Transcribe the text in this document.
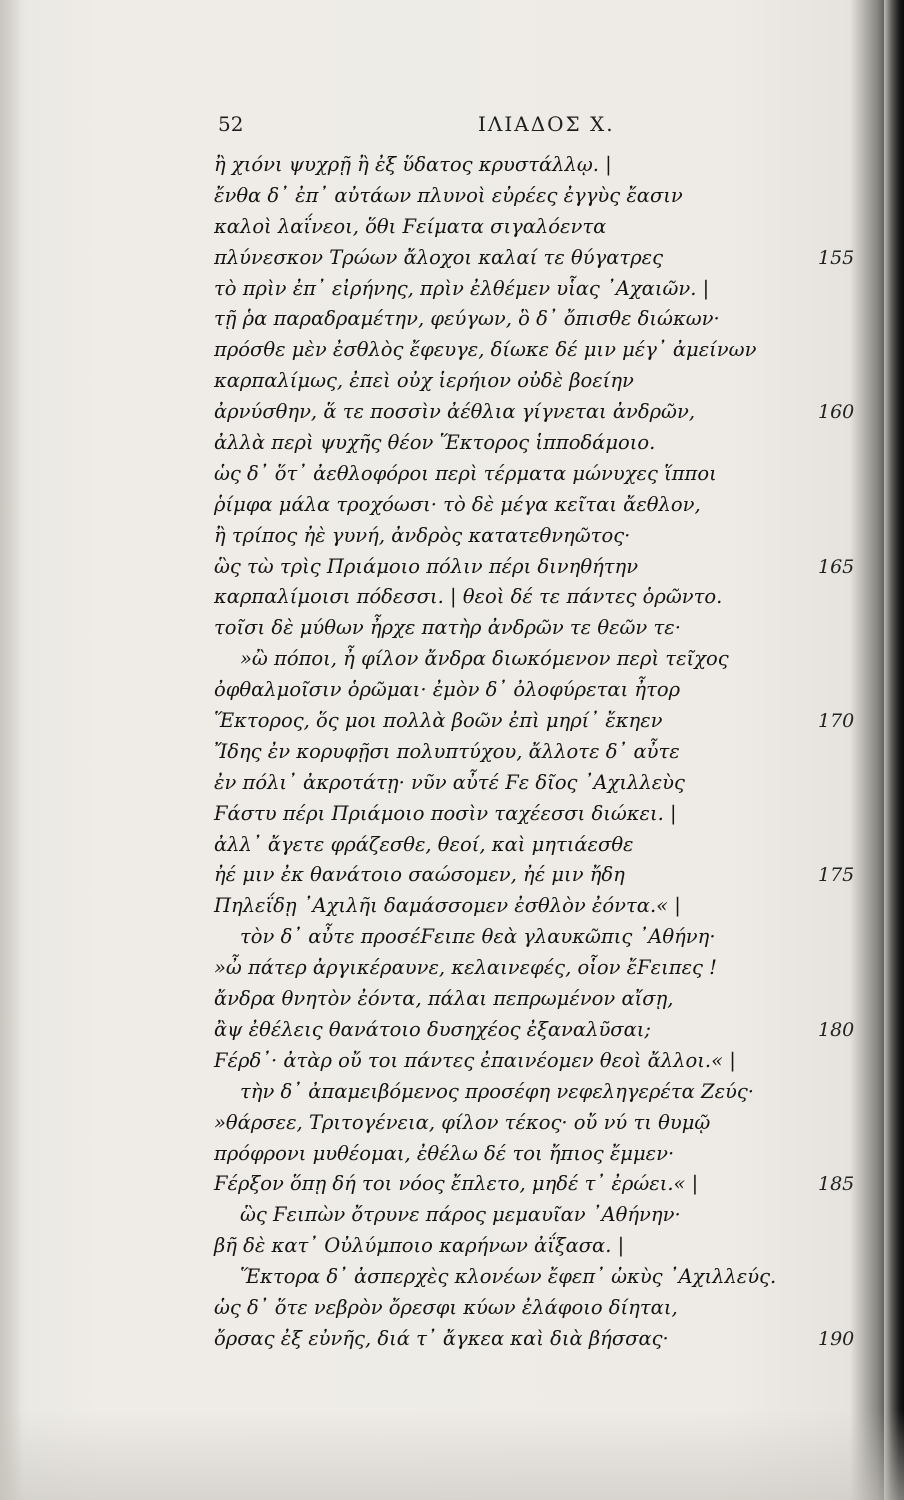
52	ΙΛΙΑΔΟΣ Χ.
ἢ χιόνι ψυχρῇ ἢ ἐξ ὕδατος κρυστάλλῳ. |
ἔνθα δ᾽ ἐπ᾽ αὐτάων πλυνοὶ εὐρέες ἐγγὺς ἔασιν
καλοὶ λαΐνεοι, ὅθι Ϝείματα σιγαλόεντα
πλύνεσκον Τρώων ἄλοχοι καλαί τε θύγατρες	155
τὸ πρὶν ἐπ᾽ εἰρήνης, πρὶν ἐλθέμεν υἷας ᾿Αχαιῶν. |
τῇ ῥα παραδραμέτην, φεύγων, ὃ δ᾽ ὄπισθε διώκων·
πρόσθε μὲν ἐσθλὸς ἔφευγε, δίωκε δέ μιν μέγ᾽ ἀμείνων
καρπαλίμως, ἐπεὶ οὐχ ἱερήιον οὐδὲ βοείην
ἀρνύσθην, ἅ τε ποσσὶν ἀέθλια γίγνεται ἀνδρῶν,	160
ἀλλὰ περὶ ψυχῆς θέον Ἕκτορος ἱπποδάμοιο.
ὡς δ᾽ ὅτ᾽ ἀεθλοφόροι περὶ τέρματα μώνυχες ἵπποι
ῥίμφα μάλα τροχόωσι· τὸ δὲ μέγα κεῖται ἄεθλον,
ἢ τρίπος ἠὲ γυνή, ἀνδρὸς κατατεθνηῶτος·
ὣς τὼ τρὶς Πριάμοιο πόλιν πέρι δινηθήτην	165
καρπαλίμοισι πόδεσσι. | θεοὶ δέ τε πάντες ὁρῶντο.
τοῖσι δὲ μύθων ἦρχε πατὴρ ἀνδρῶν τε θεῶν τε·
»ὢ πόποι, ἦ φίλον ἄνδρα διωκόμενον περὶ τεῖχος
ὀφθαλμοῖσιν ὁρῶμαι· ἐμὸν δ᾽ ὀλοφύρεται ἦτορ
Ἕκτορος, ὅς μοι πολλὰ βοῶν ἐπὶ μηρί᾽ ἔκηεν	170
Ἴδης ἐν κορυφῇσι πολυπτύχου, ἄλλοτε δ᾽ αὖτε
ἐν πόλι᾽ ἀκροτάτῃ· νῦν αὖτέ Ϝε δῖος ᾿Αχιλλεὺς
Ϝάστυ πέρι Πριάμοιο ποσὶν ταχέεσσι διώκει. |
ἀλλ᾽ ἄγετε φράζεσθε, θεοί, καὶ μητιάεσθε
ἠέ μιν ἐκ θανάτοιο σαώσομεν, ἠέ μιν ἤδη	175
Πηλεΐδῃ ᾿Αχιλῆι δαμάσσομεν ἐσθλὸν ἐόντα.« |
τὸν δ᾽ αὖτε προσέϜειπε θεὰ γλαυκῶπις ᾿Αθήνη·
»ὦ πάτερ ἀργικέραυνε, κελαινεφές, οἷον ἔϜειπες !
ἄνδρα θνητὸν ἐόντα, πάλαι πεπρωμένον αἴσῃ,
ἂψ ἐθέλεις θανάτοιο δυσηχέος ἐξαναλῦσαι;	180
Ϝέρδ᾽· ἀτὰρ οὔ τοι πάντες ἐπαινέομεν θεοὶ ἄλλοι.« |
τὴν δ᾽ ἀπαμειβόμενος προσέφη νεφεληγερέτα Ζεύς·
»θάρσεε, Τριτογένεια, φίλον τέκος· οὔ νύ τι θυμῷ
πρόφρονι μυθέομαι, ἐθέλω δέ τοι ἤπιος ἔμμεν·
Ϝέρξον ὅπῃ δή τοι νόος ἔπλετο, μηδέ τ᾽ ἐρώει.« |	185
ὣς Ϝειπὼν ὄτρυνε πάρος μεμαυῖαν ᾿Αθήνην·
βῆ δὲ κατ᾽ Οὐλύμποιο καρήνων ἀΐξασα. |
Ἕκτορα δ᾽ ἀσπερχὲς κλονέων ἔφεπ᾽ ὠκὺς ᾿Αχιλλεύς.
ὡς δ᾽ ὅτε νεβρὸν ὄρεσφι κύων ἐλάφοιο δίηται,
ὄρσας ἐξ εὐνῆς, διά τ᾽ ἄγκεα καὶ διὰ βήσσας·	190
